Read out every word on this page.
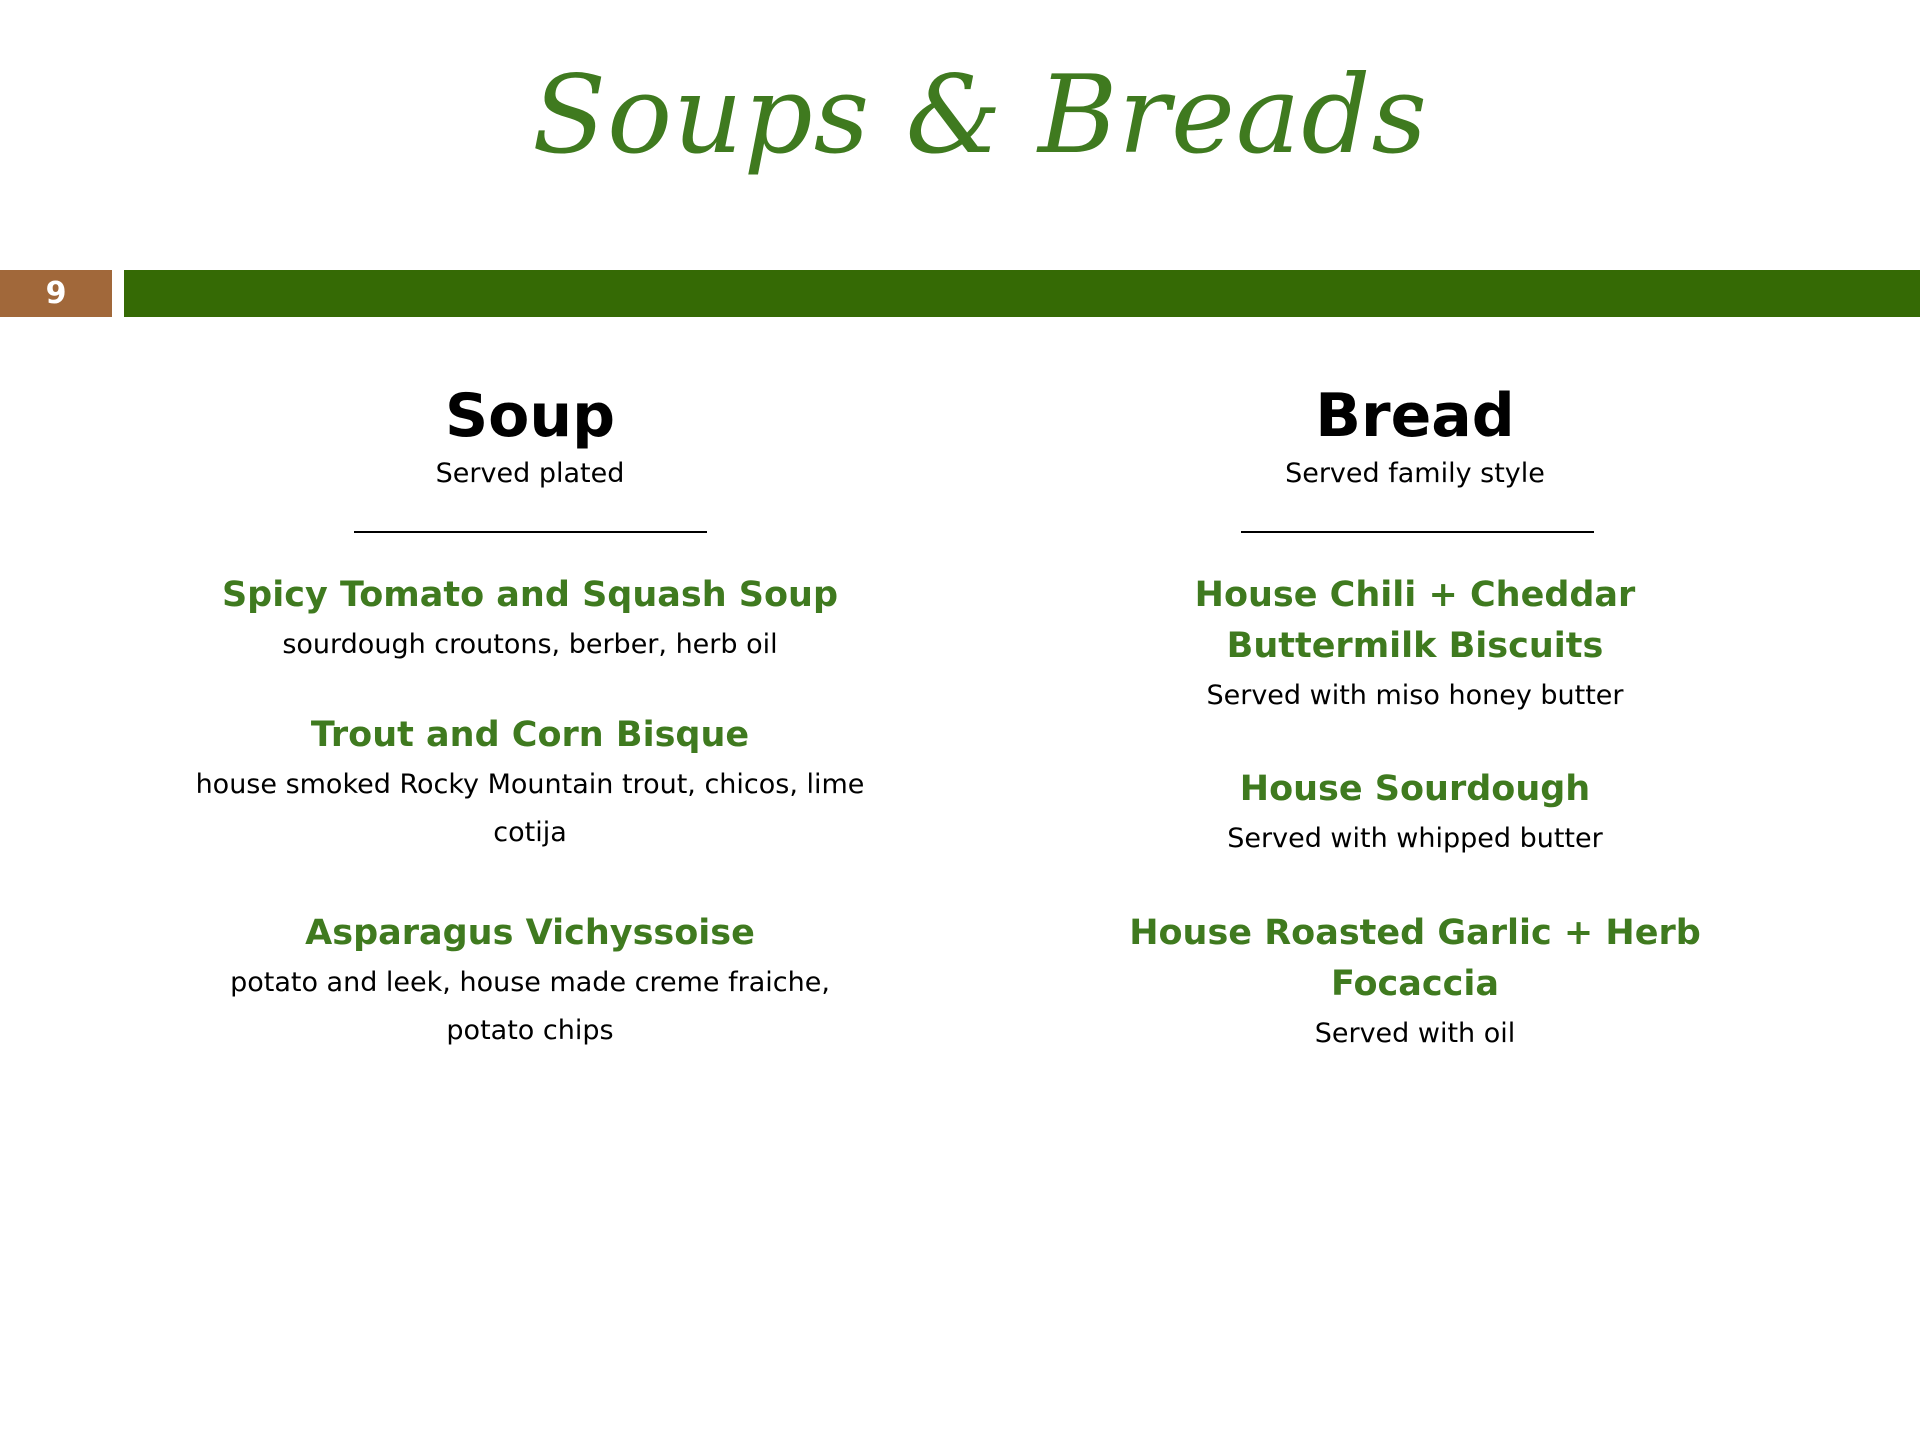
Soups & Breads
9
Soup
Served plated
Spicy Tomato and Squash Soup
sourdough croutons, berber, herb oil
Trout and Corn Bisque
house smoked Rocky Mountain trout, chicos, lime cotija
Asparagus Vichyssoise
potato and leek, house made creme fraiche, potato chips
Bread
Served family style
House Chili + Cheddar Buttermilk Biscuits
Served with miso honey butter
House Sourdough
Served with whipped butter
House Roasted Garlic + Herb Focaccia
Served with oil
